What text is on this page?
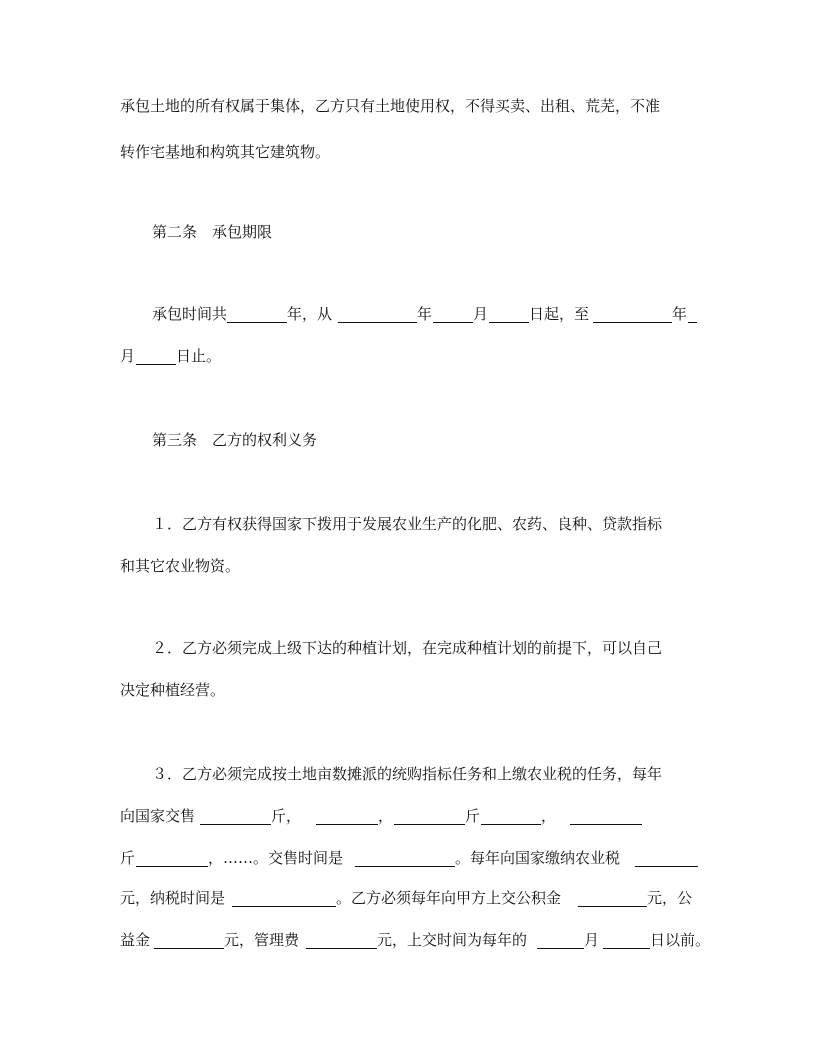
承包土地的所有权属于集体，乙方只有土地使用权，不得买卖、出租、荒芜，不准
转作宅基地和构筑其它建筑物。
第二条　承包期限
承包时间共	年，从	年	月	日起，至	年
月	日止。
第三条　乙方的权利义务
１．乙方有权获得国家下拨用于发展农业生产的化肥、农药、良种、贷款指标
和其它农业物资。
２．乙方必须完成上级下达的种植计划，在完成种植计划的前提下，可以自己
决定种植经营。
３．乙方必须完成按土地亩数摊派的统购指标任务和上缴农业税的任务，每年
向国家交售	斤，	，	斤	，
斤	，……。交售时间是	。每年向国家缴纳农业税
元，纳税时间是	。乙方必须每年向甲方上交公积金	元，公
益金	元，管理费	元，上交时间为每年的	月	日以前。
